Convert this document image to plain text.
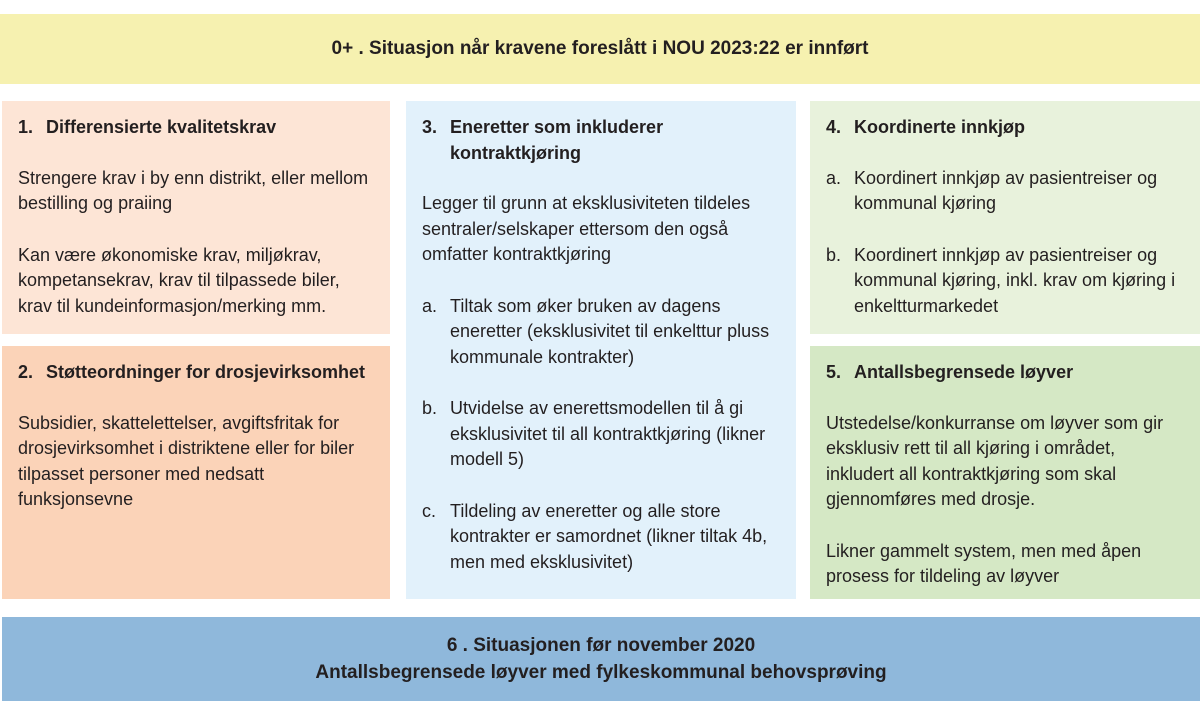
0+ . Situasjon når kravene foreslått i NOU 2023:22 er innført
1. Differensierte kvalitetskrav
Strengere krav i by enn distrikt, eller mellom bestilling og praiing
Kan være økonomiske krav, miljøkrav, kompetansekrav, krav til tilpassede biler, krav til kundeinformasjon/merking mm.
2. Støtteordninger for drosjevirksomhet
Subsidier, skattelettelser, avgiftsfritak for drosjevirksomhet i distriktene eller for biler tilpasset personer med nedsatt funksjonsevne
3. Eneretter som inkluderer kontraktkjøring
Legger til grunn at eksklusiviteten tildeles sentraler/selskaper ettersom den også omfatter kontraktkjøring
a. Tiltak som øker bruken av dagens eneretter (eksklusivitet til enkelttur pluss kommunale kontrakter)
b. Utvidelse av enerettsmodellen til å gi eksklusivitet til all kontraktkjøring (likner modell 5)
c. Tildeling av eneretter og alle store kontrakter er samordnet (likner tiltak 4b, men med eksklusivitet)
4. Koordinerte innkjøp
a. Koordinert innkjøp av pasientreiser og kommunal kjøring
b. Koordinert innkjøp av pasientreiser og kommunal kjøring, inkl. krav om kjøring i enkeltturmarkedet
5. Antallsbegrensede løyver
Utstedelse/konkurranse om løyver som gir eksklusiv rett til all kjøring i området, inkludert all kontraktkjøring som skal gjennomføres med drosje.
Likner gammelt system, men med åpen prosess for tildeling av løyver
6 . Situasjonen før november 2020
Antallsbegrensede løyver med fylkeskommunal behovsprøving
